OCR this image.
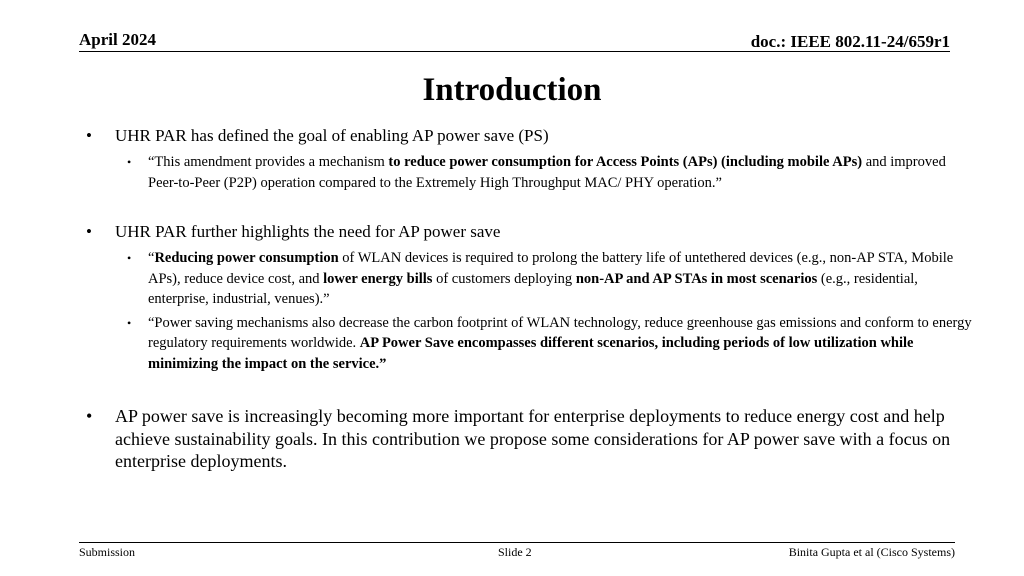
April 2024	doc.: IEEE 802.11-24/659r1
Introduction
• UHR PAR has defined the goal of enabling AP power save (PS)
• “This amendment provides a mechanism to reduce power consumption for Access Points (APs) (including mobile APs) and improved Peer-to-Peer (P2P) operation compared to the Extremely High Throughput MAC/ PHY operation.”
• UHR PAR further highlights the need for AP power save
• “Reducing power consumption of WLAN devices is required to prolong the battery life of untethered devices (e.g., non-AP STA, Mobile APs), reduce device cost, and lower energy bills of customers deploying non-AP and AP STAs in most scenarios (e.g., residential, enterprise, industrial, venues).”
• “Power saving mechanisms also decrease the carbon footprint of WLAN technology, reduce greenhouse gas emissions and conform to energy regulatory requirements worldwide. AP Power Save encompasses different scenarios, including periods of low utilization while minimizing the impact on the service.”
• AP power save is increasingly becoming more important for enterprise deployments to reduce energy cost and help achieve sustainability goals. In this contribution we propose some considerations for AP power save with a focus on enterprise deployments.
Submission	Slide 2	Binita Gupta et al (Cisco Systems)
